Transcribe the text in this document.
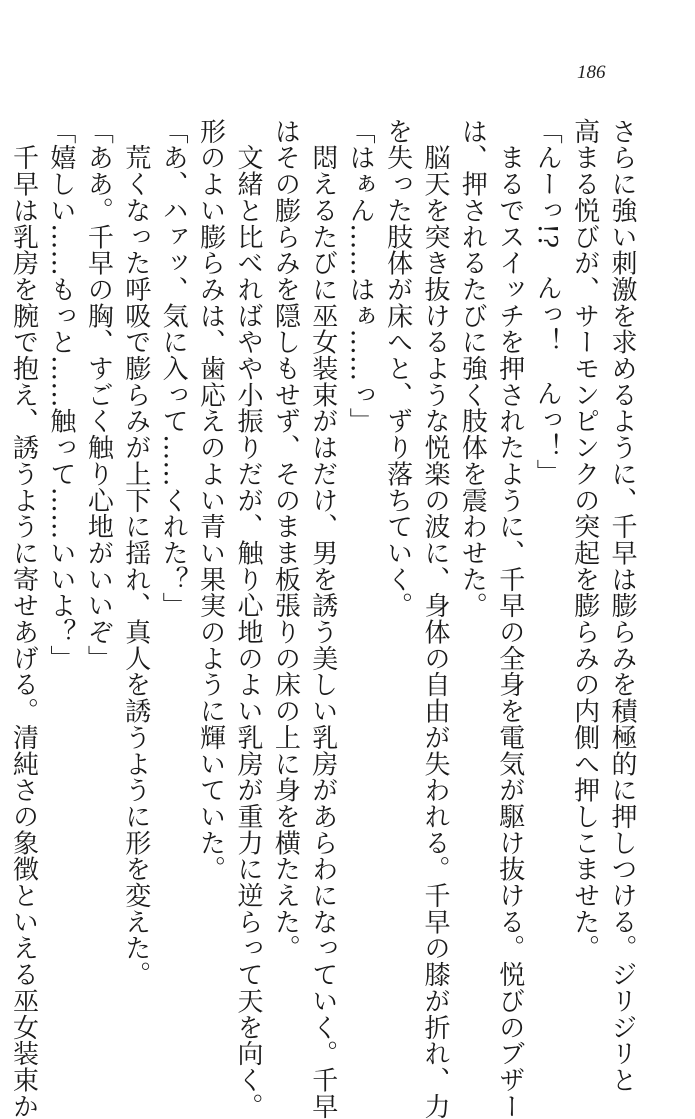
186
さらに強い刺激を求めるように、千早は膨らみを積極的に押しつける。ジリジリと
高まる悦びが、サーモンピンクの突起を膨らみの内側へ押しこませた。
「んーっ!?　んっ！　んっ！」
　まるでスイッチを押されたように、千早の全身を電気が駆け抜ける。悦びのブザー
は、押されるたびに強く肢体を震わせた。
　脳天を突き抜けるような悦楽の波に、身体の自由が失われる。千早の膝が折れ、力
を失った肢体が床へと、ずり落ちていく。
「はぁん……はぁ……っ」
　悶えるたびに巫女装束がはだけ、男を誘う美しい乳房があらわになっていく。千早
はその膨らみを隠しもせず、そのまま板張りの床の上に身を横たえた。
　文緒と比べればやや小振りだが、触り心地のよい乳房が重力に逆らって天を向く。
形のよい膨らみは、歯応えのよい青い果実のように輝いていた。
「あ、ハァッ、気に入って……くれた？」
　荒くなった呼吸で膨らみが上下に揺れ、真人を誘うように形を変えた。
「ああ。千早の胸、すごく触り心地がいいぞ」
「嬉しい……もっと……触って……いいよ？」
　千早は乳房を腕で抱え、誘うように寄せあげる。清純さの象徴といえる巫女装束か
